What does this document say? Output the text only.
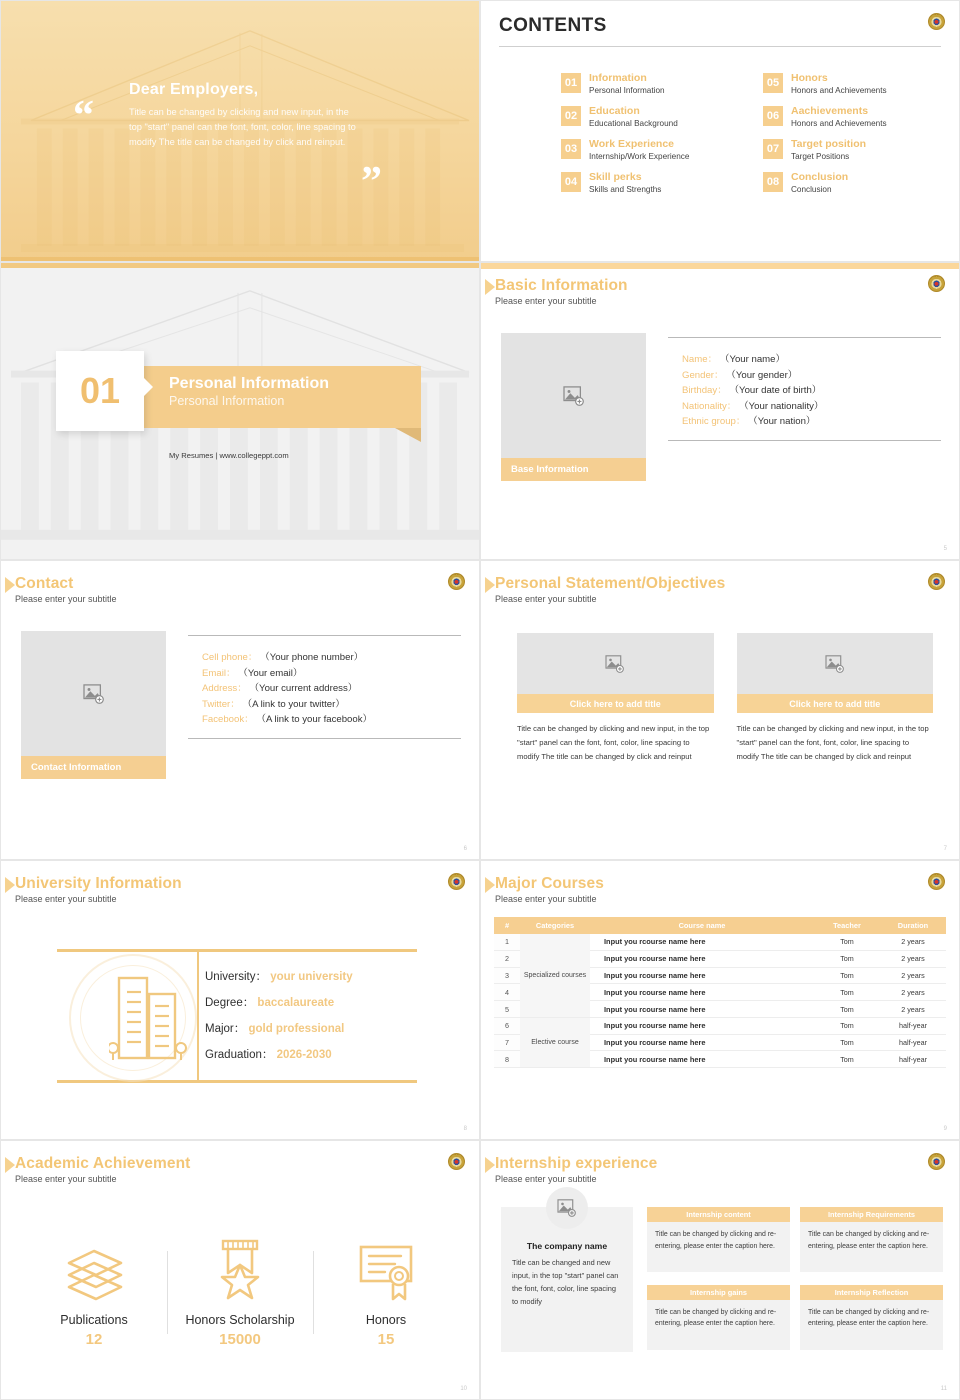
“
”
Dear Employers,

Title can be changed by clicking and new input, in the top "start" panel can the font, font, color, line spacing to modify The title can be changed by click and reinput.

CONTENTS
01	Information
Personal Information
05	Honors
Honors and Achievements
02	Education
Educational Background
06	Aachievements
Honors and Achievements
03	Work Experience
Internship/Work Experience
07	Target position
Target Positions
04	Skill perks
Skills and Strengths
08	Conclusion
Conclusion
01	Personal Information
Personal Information
My Resumes | www.collegeppt.com
Basic Information
Please enter your subtitle
Base Information
Name： （Your name）
Gender： （Your gender）
Birthday： （Your date of birth）
Nationality： （Your nationality）
Ethnic group： （Your nation）
5
Contact
Please enter your subtitle
Contact Information
Cell phone： （Your phone number）
Email： （Your email）
Address： （Your current address）
Twitter： （A link to your twitter）
Facebook： （A link to your facebook）
6
Personal Statement/Objectives
Please enter your subtitle
Click here to add title

Title can be changed by clicking and new input, in the top "start" panel can the font, font, color, line spacing to modify The title can be changed by click and reinput

Click here to add title

Title can be changed by clicking and new input, in the top "start" panel can the font, font, color, line spacing to modify The title can be changed by click and reinput

7
University Information
Please enter your subtitle
University： your university
Degree： baccalaureate
Major： gold professional
Graduation： 2026-2030
8
Major Courses
Please enter your subtitle
#	Categories	Course name	Teacher	Duration
1	Specialized courses	Input you rcourse name here	Tom	2 years
2		Input you rcourse name here	Tom	2 years
3		Input you rcourse name here	Tom	2 years
4		Input you rcourse name here	Tom	2 years
5		Input you rcourse name here	Tom	2 years
6	Elective course	Input you rcourse name here	Tom	half-year
7		Input you rcourse name here	Tom	half-year
8		Input you rcourse name here	Tom	half-year
9
Academic Achievement
Please enter your subtitle
Publications
12
Honors Scholarship
15000
Honors
15
10
Internship experience
Please enter your subtitle
The company name
Title can be changed and new input, in the top "start" panel can the font, font, color, line spacing to modify
Internship content
Title can be changed by clicking and re-entering, please enter the caption here.
Internship Requirements
Title can be changed by clicking and re-entering, please enter the caption here.
Internship gains
Title can be changed by clicking and re-entering, please enter the caption here.
Internship Reflection
Title can be changed by clicking and re-entering, please enter the caption here.
11
